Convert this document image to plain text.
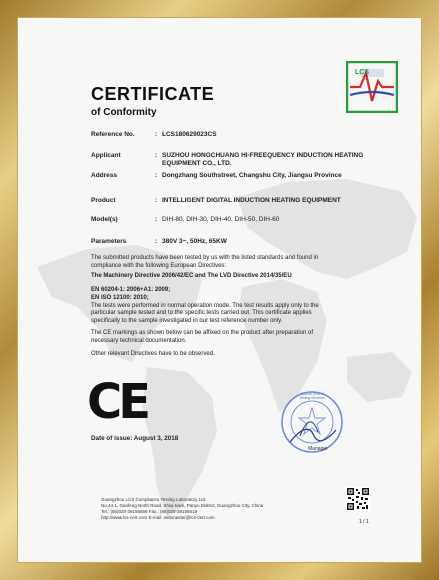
LCS
CERTIFICATE
of Conformity
Reference No.	: LCS180629023CS
Applicant	: SUZHOU HONGCHUANG HI-FREEQUENCY INDUCTION HEATING
EQUIPMENT CO., LTD.
Address	: Dongzhang Southstreet, Changshu City, Jiangsu Province
Product	: INTELLIGENT DIGITAL INDUCTION HEATING EQUIPMENT
Model(s)	: DIH-80, DIH-30, DIH-40, DIH-50, DIH-60
Parameters	: 380V 3~, 50Hz, 65KW
The submitted products have been tested by us with the listed standards and found in
compliance with the following European Directives:
The Machinery Directive 2006/42/EC and The LVD Directive 2014/35/EU
EN 60204-1: 2006+A1: 2009;
EN ISO 12100: 2010;
The tests were performed in normal operation mode. The test results apply only to the
particular sample tested and to the specific tests carried out. This certificate applies
specifically to the sample investigated in our test reference number only.
The CE markings as shown below can be affixed on the product after preparation of
necessary technical documentation.
Other relevant Directives have to be observed.
CE	Special Seal of Testing Services
Manager
Date of issue: August 3, 2018
Guangzhou LCS Compliance Testing Laboratory Ltd.
No.44-1, Gaofeng North Road, Shiqi town, Panyu District, Guangzhou City, China
Tel.: (86)020-39156659 Fax.: (86)020-39156619
http://www.lcs-cert.com E-mail: webmaster@lcs-cert.com
1 / 1
